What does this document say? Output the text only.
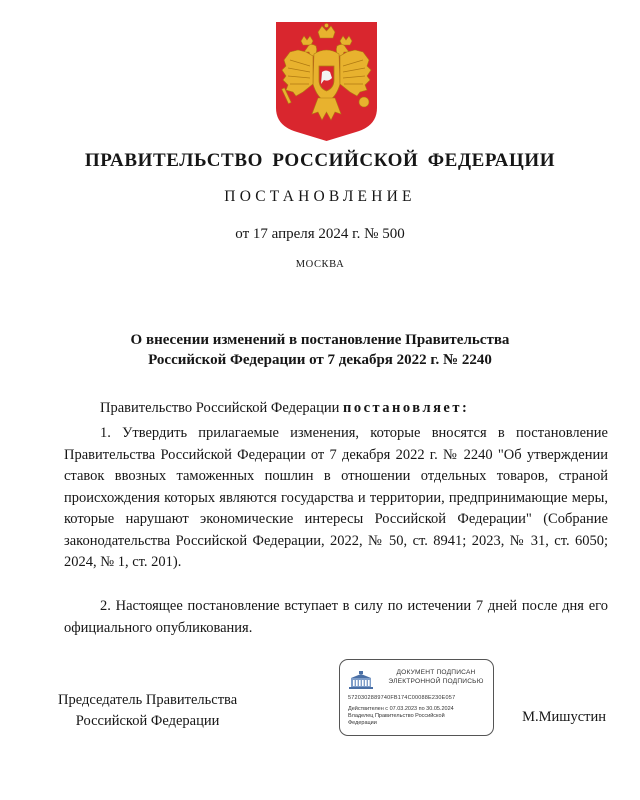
ПРАВИТЕЛЬСТВО РОССИЙСКОЙ ФЕДЕРАЦИИ
ПОСТАНОВЛЕНИЕ
от 17 апреля 2024 г. № 500
МОСКВА
О внесении изменений в постановление Правительства
Российской Федерации от 7 декабря 2022 г. № 2240
Правительство Российской Федерации постановляет:
1. Утвердить прилагаемые изменения, которые вносятся в постановление Правительства Российской Федерации от 7 декабря 2022 г. № 2240 "Об утверждении ставок ввозных таможенных пошлин в отношении отдельных товаров, страной происхождения которых являются государства и территории, предпринимающие меры, которые нарушают экономические интересы Российской Федерации" (Собрание законодательства Российской Федерации, 2022, № 50, ст. 8941; 2023, № 31, ст. 6050; 2024, № 1, ст. 201).
2. Настоящее постановление вступает в силу по истечении 7 дней после дня его официального опубликования.
Председатель Правительства
Российской Федерации
ДОКУМЕНТ ПОДПИСАН
ЭЛЕКТРОННОЙ ПОДПИСЬЮ
5720302889740FB174C00088E230E057
Действителен с 07.03.2023 по 30.05.2024
Владелец Правительство Российской
Федерации	М.Мишустин
